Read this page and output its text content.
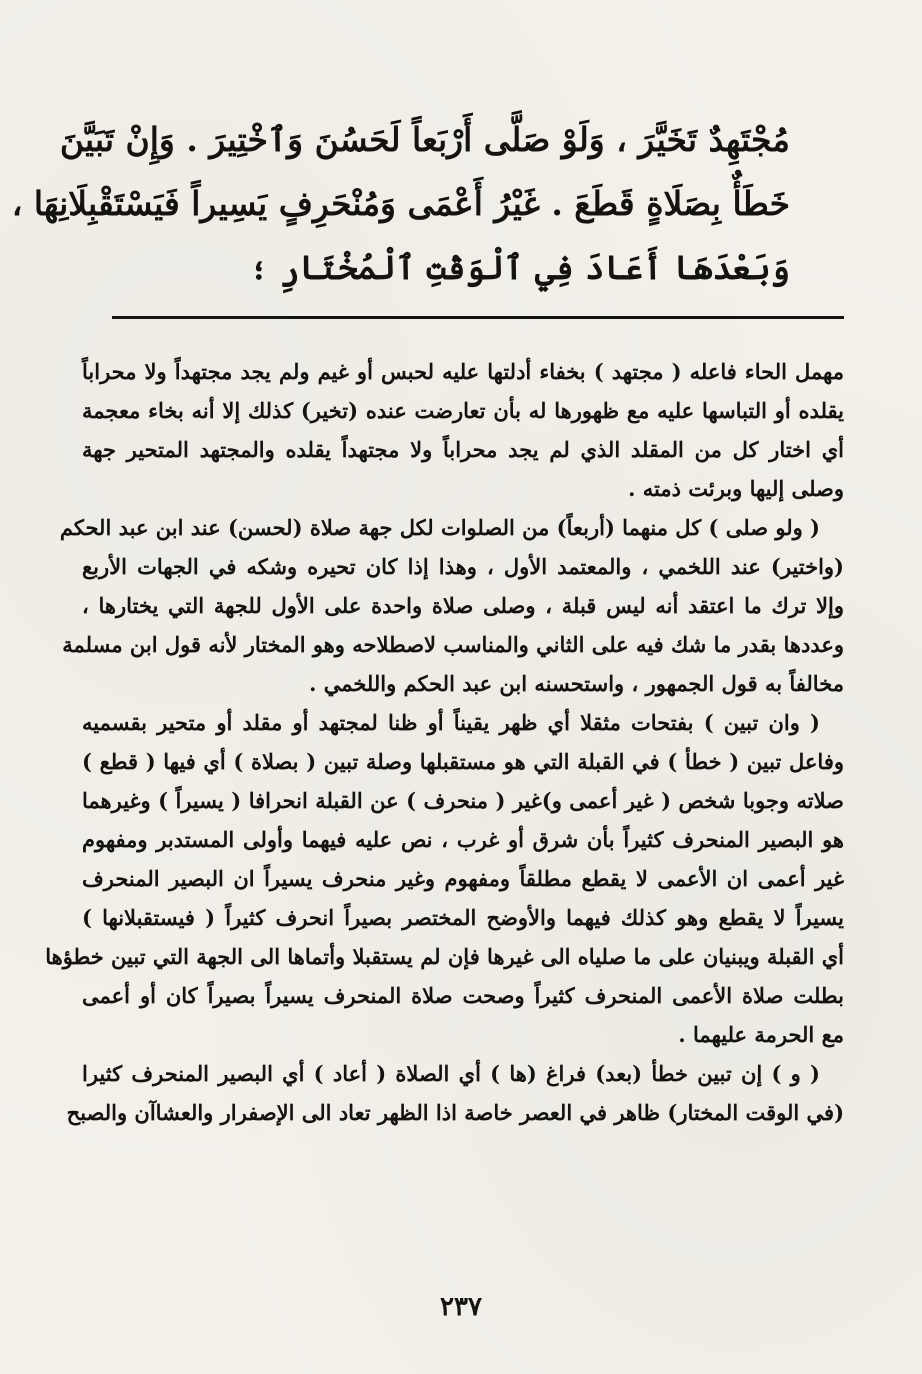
مُجْتَهِدٌ تَخَيَّرَ ، وَلَوْ صَلَّى أَرْبَعاً لَحَسُنَ وَٱخْتِيرَ . وَإِنْ تَبَيَّنَ
خَطَأٌ بِصَلَاةٍ قَطَعَ . غَيْرُ أَعْمَى وَمُنْحَرِفٍ يَسِيراً فَيَسْتَقْبِلَانِهَا ،
وَبَعْدَهَا أَعَادَ فِي ٱلْوَقْتِ ٱلْمُخْتَارِ ؛
مهمل الحاء فاعله ( مجتهد ) بخفاء أدلتها عليه لحبس أو غيم ولم يجد مجتهداً ولا محراباً
يقلده أو التباسها عليه مع ظهورها له بأن تعارضت عنده (تخير) كذلك إلا أنه بخاء معجمة
أي اختار كل من المقلد الذي لم يجد محراباً ولا مجتهداً يقلده والمجتهد المتحير جهة
وصلى إليها وبرئت ذمته .
( ولو صلى ) كل منهما (أربعاً) من الصلوات لكل جهة صلاة (لحسن) عند ابن عبد الحكم
(واختير) عند اللخمي ، والمعتمد الأول ، وهذا إذا كان تحيره وشكه في الجهات الأربع
وإلا ترك ما اعتقد أنه ليس قبلة ، وصلى صلاة واحدة على الأول للجهة التي يختارها ،
وعددها بقدر ما شك فيه على الثاني والمناسب لاصطلاحه وهو المختار لأنه قول ابن مسلمة
مخالفاً به قول الجمهور ، واستحسنه ابن عبد الحكم واللخمي .
( وان تبين ) بفتحات مثقلا أي ظهر يقيناً أو ظنا لمجتهد أو مقلد أو متحير بقسميه
وفاعل تبين ( خطأ ) في القبلة التي هو مستقبلها وصلة تبين ( بصلاة ) أي فيها ( قطع )
صلاته وجوبا شخص ( غير أعمى و)غير ( منحرف ) عن القبلة انحرافا ( يسيراً ) وغيرهما
هو البصير المنحرف كثيراً بأن شرق أو غرب ، نص عليه فيهما وأولى المستدبر ومفهوم
غير أعمى ان الأعمى لا يقطع مطلقاً ومفهوم وغير منحرف يسيراً ان البصير المنحرف
يسيراً لا يقطع وهو كذلك فيهما والأوضح المختصر بصيراً انحرف كثيراً ( فيستقبلانها )
أي القبلة ويبنيان على ما صلياه الى غيرها فإن لم يستقبلا وأتماها الى الجهة التي تبين خطؤها
بطلت صلاة الأعمى المنحرف كثيراً وصحت صلاة المنحرف يسيراً بصيراً كان أو أعمى
مع الحرمة عليهما .
( و ) إن تبين خطأ (بعد) فراغ (ها ) أي الصلاة ( أعاد ) أي البصير المنحرف كثيرا
(في الوقت المختار) ظاهر في العصر خاصة اذا الظهر تعاد الى الإصفرار والعشاآن والصبح
٢٣٧
